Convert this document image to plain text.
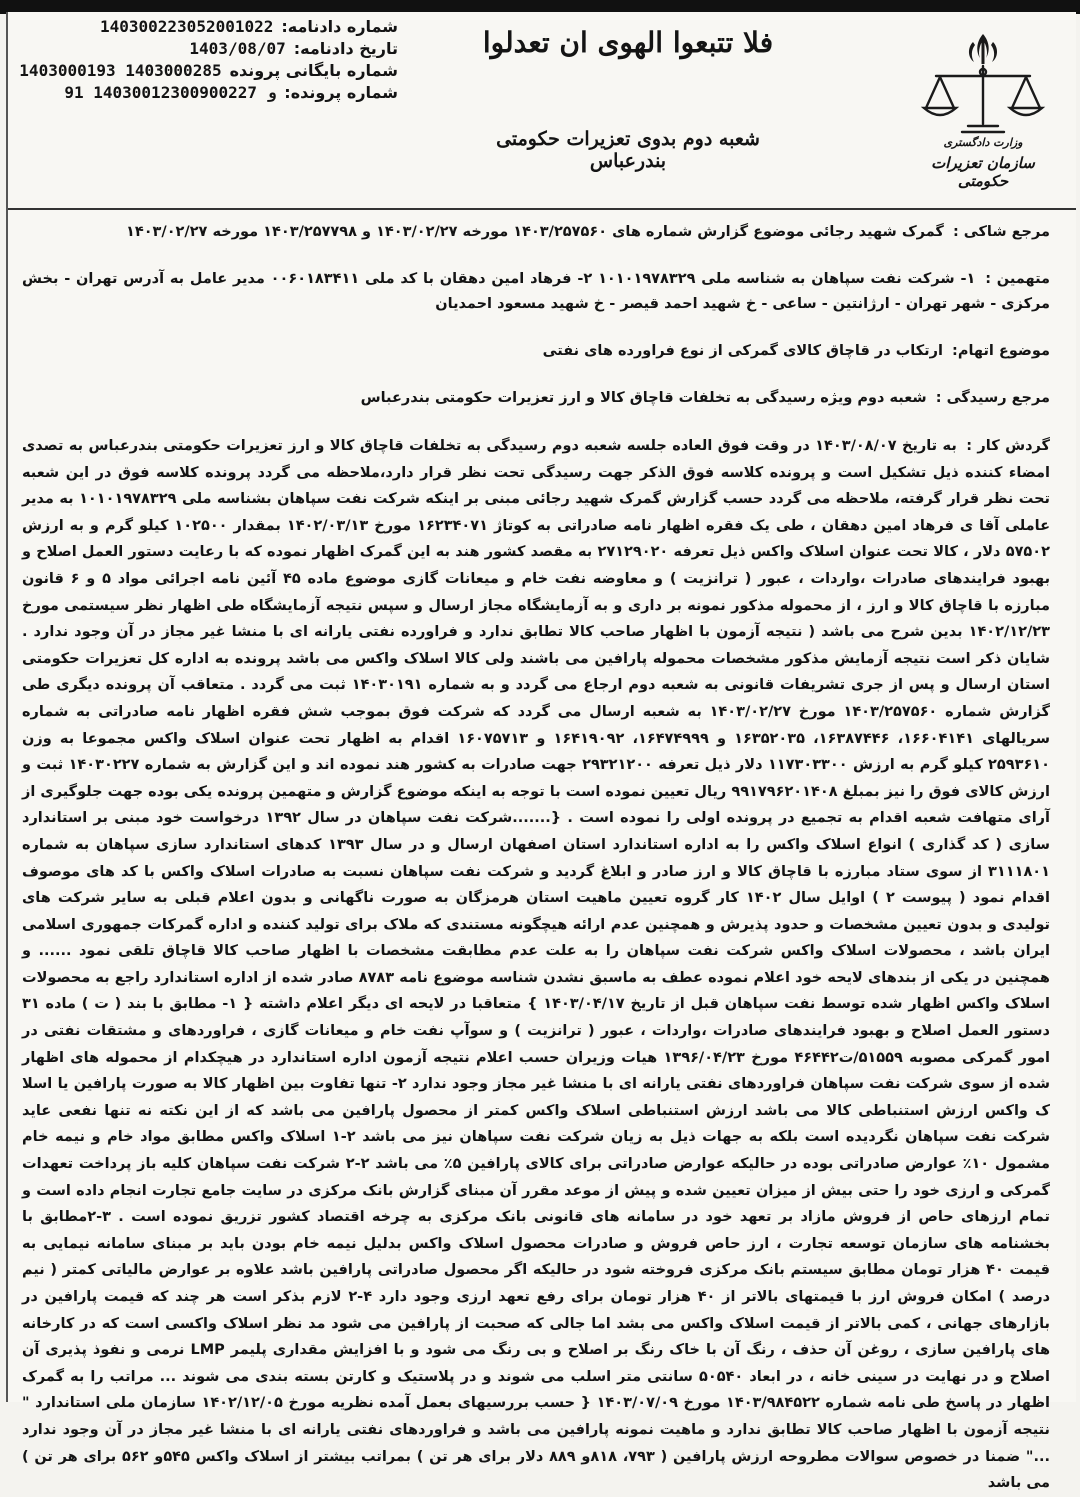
شماره دادنامه:
140300223052001022
تاریخ دادنامه:
1403/08/07
شماره بایگانی پرونده
1403000193 1403000285
شماره پرونده:
91 14030012300900227 و
فلا تتبعوا الهوی ان تعدلوا
شعبه دوم بدوی تعزیرات حکومتی بندرعباس
وزارت دادگستری
سازمان تعزیرات حکومتی

مرجع شاکی : گمرک شهید رجائی موضوع گزارش شماره های ۱۴۰۳/۲۵۷۵۶۰ مورخه ۱۴۰۳/۰۲/۲۷ و ۱۴۰۳/۲۵۷۷۹۸ مورخه ۱۴۰۳/۰۲/۲۷

متهمین : ۱- شرکت نفت سپاهان به شناسه ملی ۱۰۱۰۱۹۷۸۳۲۹ ۲- فرهاد امین دهقان با کد ملی ۰۰۶۰۱۸۳۴۱۱ مدیر عامل به آدرس تهران - بخش مرکزی - شهر تهران - ارژانتین - ساعی - خ شهید احمد قیصر - خ شهید مسعود احمدیان

موضوع اتهام: ارتکاب در قاچاق کالای گمرکی از نوع فراورده های نفتی

مرجع رسیدگی : شعبه دوم ویژه رسیدگی به تخلفات قاچاق کالا و ارز تعزیرات حکومتی بندرعباس

گردش کار : به تاریخ ۱۴۰۳/۰۸/۰۷ در وقت فوق العاده جلسه شعبه دوم رسیدگی به تخلفات قاچاق کالا و ارز تعزیرات حکومتی بندرعباس به تصدی امضاء کننده ذیل تشکیل است و پرونده کلاسه فوق الذکر جهت رسیدگی تحت نظر قرار دارد،ملاحظه می گردد پرونده کلاسه فوق در این شعبه تحت نظر قرار گرفته، ملاحظه می گردد حسب گزارش گمرک شهید رجائی مبنی بر اینکه شرکت نفت سپاهان بشناسه ملی ۱۰۱۰۱۹۷۸۳۲۹ به مدیر عاملی آقا ی فرهاد امین دهقان ، طی یک فقره اظهار نامه صادراتی به کوتاژ ۱۶۲۳۴۰۷۱ مورخ ۱۴۰۲/۰۳/۱۳ بمقدار ۱۰۲۵۰۰ کیلو گرم و به ارزش ۵۷۵۰۲ دلار ، کالا تحت عنوان اسلاک واکس ذیل تعرفه ۲۷۱۲۹۰۲۰ به مقصد کشور هند به این گمرک اظهار نموده که با رعایت دستور العمل اصلاح و بهبود فرایندهای صادرات ،واردات ، عبور ( ترانزیت ) و معاوضه نفت خام و میعانات گازی موضوع ماده ۴۵ آئین نامه اجرائی مواد ۵ و ۶ قانون مبارزه با قاچاق کالا و ارز ، از محموله مذکور نمونه بر داری و به آزمایشگاه مجاز ارسال و سپس نتیجه آزمایشگاه طی اظهار نظر سیستمی مورخ ۱۴۰۲/۱۲/۲۳ بدین شرح می باشد ( نتیجه آزمون با اظهار صاحب کالا تطابق ندارد و فراورده نفتی یارانه ای با منشا غیر مجاز در آن وجود ندارد . شایان ذکر است نتیجه آزمایش مذکور مشخصات محموله پارافین می باشند ولی کالا اسلاک واکس می باشد پرونده به اداره کل تعزیرات حکومتی استان ارسال و پس از جری تشریفات قانونی به شعبه دوم ارجاع می گردد و به شماره ۱۴۰۳۰۱۹۱ ثبت می گردد . متعاقب آن پرونده دیگری طی گزارش شماره ۱۴۰۳/۲۵۷۵۶۰ مورخ ۱۴۰۳/۰۲/۲۷ به شعبه ارسال می گردد که شرکت فوق بموجب شش فقره اظهار نامه صادراتی به شماره سریالهای ۱۶۶۰۴۱۴۱، ۱۶۳۸۷۴۴۶، ۱۶۳۵۲۰۳۵ و ۱۶۴۷۴۹۹۹، ۱۶۴۱۹۰۹۲ و ۱۶۰۷۵۷۱۳ اقدام به اظهار تحت عنوان اسلاک واکس مجموعا به وزن ۲۵۹۳۶۱۰ کیلو گرم به ارزش ۱۱۷۳۰۳۳۰۰ دلار ذیل تعرفه ۲۹۳۲۱۲۰۰ جهت صادرات به کشور هند نموده اند و این گزارش به شماره ۱۴۰۳۰۲۲۷ ثبت و ارزش کالای فوق را نیز بمبلغ ۹۹۱۷۹۶۲۰۱۴۰۸ ریال تعیین نموده است با توجه به اینکه موضوع گزارش و متهمین پرونده یکی بوده جهت جلوگیری از آرای متهافت شعبه اقدام به تجمیع در پرونده اولی را نموده است . {.......شرکت نفت سپاهان در سال ۱۳۹۲ درخواست خود مبنی بر استاندارد سازی ( کد گذاری ) انواع اسلاک واکس را به اداره استاندارد استان اصفهان ارسال و در سال ۱۳۹۳ کدهای استاندارد سازی سپاهان به شماره ۳۱۱۱۸۰۱ از سوی ستاد مبارزه با قاچاق کالا و ارز صادر و ابلاغ گردید و شرکت نفت سپاهان نسبت به صادرات اسلاک واکس با کد های موصوف اقدام نمود ( پیوست ۲ ) اوایل سال ۱۴۰۲ کار گروه تعیین ماهیت استان هرمزگان به صورت ناگهانی و بدون اعلام قبلی به سایر شرکت های تولیدی و بدون تعیین مشخصات و حدود پذیرش و همچنین عدم ارائه هیچگونه مستندی که ملاک برای تولید کننده و اداره گمرکات جمهوری اسلامی ایران باشد ، محصولات اسلاک واکس شرکت نفت سپاهان را به علت عدم مطابقت مشخصات با اظهار صاحب کالا قاچاق تلقی نمود ...... و همچنین در یکی از بندهای لایحه خود اعلام نموده عطف به ماسبق نشدن شناسه موضوع نامه ۸۷۸۳ صادر شده از اداره استاندارد راجع به محصولات اسلاک واکس اظهار شده توسط نفت سپاهان قبل از تاریخ ۱۴۰۳/۰۴/۱۷ } متعاقبا در لایحه ای دیگر اعلام داشته { ۱- مطابق با بند ( ت ) ماده ۳۱ دستور العمل اصلاح و بهبود فرایندهای صادرات ،واردات ، عبور ( ترانزیت ) و سوآپ نفت خام و میعانات گازی ، فراوردهای و مشتقات نفتی در امور گمرکی مصوبه ۵۱۵۵۹/ت۴۶۴۴۲ مورخ ۱۳۹۶/۰۴/۲۳ هیات وزیران حسب اعلام نتیجه آزمون اداره استاندارد در هیچکدام از محموله های اظهار شده از سوی شرکت نفت سپاهان فراوردهای نفتی یارانه ای با منشا غیر مجاز وجود ندارد ۲- تنها تفاوت بین اظهار کالا به صورت پارافین یا اسلا ک واکس ارزش استنباطی کالا می باشد ارزش استنباطی اسلاک واکس کمتر از محصول پارافین می باشد که از این نکته نه تنها نفعی عاید شرکت نفت سپاهان نگردیده است بلکه به جهات ذیل به زیان شرکت نفت سپاهان نیز می باشد ۲-۱ اسلاک واکس مطابق مواد خام و نیمه خام مشمول ۱۰٪ عوارض صادراتی بوده در حالیکه عوارض صادراتی برای کالای پارافین ۵٪ می باشد ۲-۲ شرکت نفت سپاهان کلیه باز پرداخت تعهدات گمرکی و ارزی خود را حتی بیش از میزان تعیین شده و پیش از موعد مقرر آن مبنای گزارش بانک مرکزی در سایت جامع تجارت انجام داده است و تمام ارزهای حاص از فروش مازاد بر تعهد خود در سامانه های قانونی بانک مرکزی به چرخه اقتصاد کشور تزریق نموده است . ۳-۲مطابق با بخشنامه های سازمان توسعه تجارت ، ارز حاص فروش و صادرات محصول اسلاک واکس بدلیل نیمه خام بودن باید بر مبنای سامانه نیمایی به قیمت ۴۰ هزار تومان مطابق سیستم بانک مرکزی فروخته شود در حالیکه اگر محصول صادراتی پارافین باشد علاوه بر عوارض مالیاتی کمتر ( نیم درصد ) امکان فروش ارز با قیمتهای بالاتر از ۴۰ هزار تومان برای رفع تعهد ارزی وجود دارد ۴-۲ لازم بذکر است هر چند که قیمت پارافین در بازارهای جهانی ، کمی بالاتر از قیمت اسلاک واکس می بشد اما جالی که صحبت از پارافین می شود مد نظر اسلاک واکسی است که در کارخانه های پارافین سازی ، روغن آن حذف ، رنگ آن با خاک رنگ بر اصلاح و بی رنگ می شود و با افزایش مقداری پلیمر LMP نرمی و نفوذ پذیری آن اصلاح و در نهایت در سینی خانه ، در ابعاد ۵۰۵۴۰ سانتی متر اسلب می شوند و در پلاستیک و کارتن بسته بندی می شوند ... مراتب را به گمرک اظهار در پاسخ طی نامه شماره ۱۴۰۳/۹۸۴۵۲۲ مورخ ۱۴۰۳/۰۷/۰۹ { حسب بررسیهای بعمل آمده نظریه مورخ ۱۴۰۲/۱۲/۰۵ سازمان ملی استاندارد " نتیجه آزمون با اظهار صاحب کالا تطابق ندارد و ماهیت نمونه پارافین می باشد و فراوردهای نفتی یارانه ای با منشا غیر مجاز در آن وجود ندارد ..." ضمنا در خصوص سوالات مطروحه ارزش پارافین ( ۷۹۳، ۸۱۸و ۸۸۹ دلار برای هر تن ) بمراتب بیشتر از اسلاک واکس ۵۴۵و ۵۶۲ برای هر تن ) می باشد
